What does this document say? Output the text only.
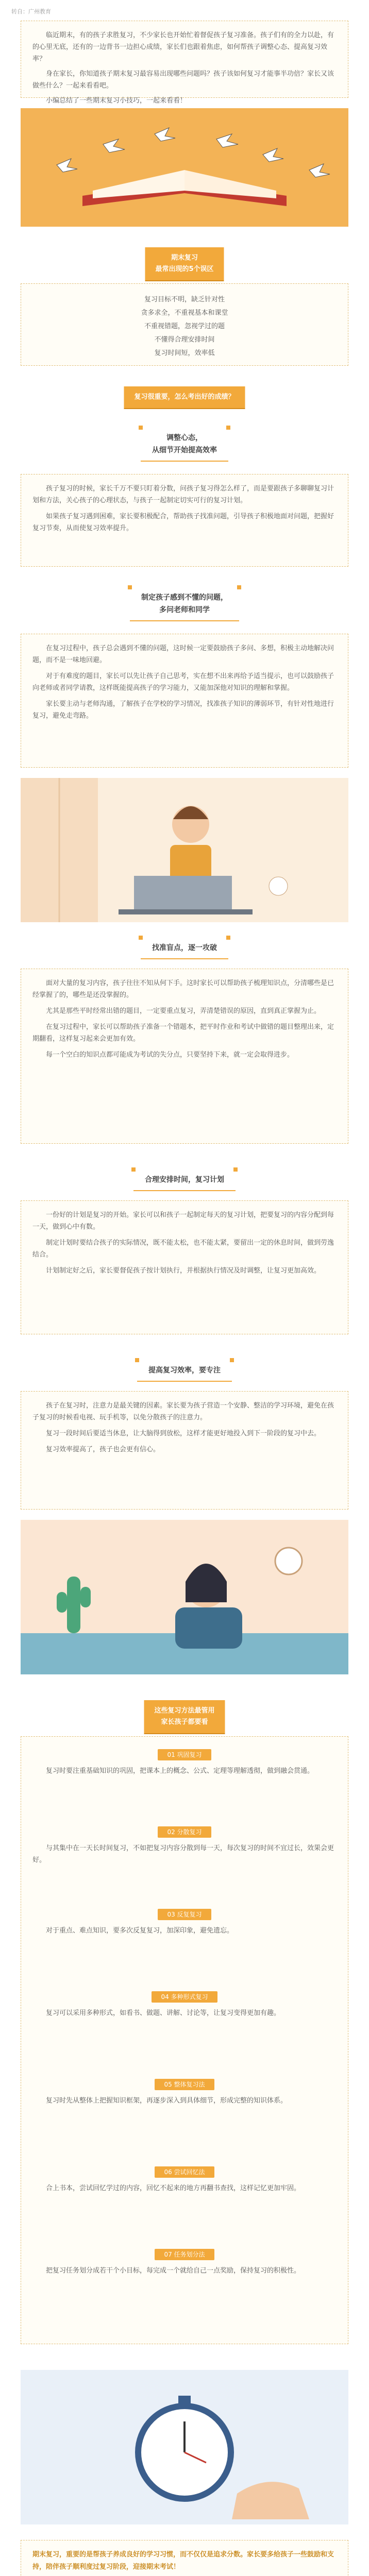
转自：广州教育

临近期末，有的孩子求胜复习，不少家长也开始忙着督促孩子复习准备。孩子们有的全力以赴，有的心里无底，还有的一边背书一边担心成绩，家长们也跟着焦虑，如何帮孩子调整心态、提高复习效率？

身在家长，你知道孩子期末复习最容易出现哪些问题吗？孩子该如何复习才能事半功倍？家长又该做些什么？一起来看看吧。

小编总结了一些期末复习小技巧，一起来看看！

期末复习
最常出现的5个误区
复习目标不明，缺乏针对性
贪多求全，不重视基本和课堂
不重视错题，忽视学过的题
不懂得合理安排时间
复习时间短，效率低
复习很重要，怎么考出好的成绩？
调整心态，
从细节开始提高效率

孩子复习的时候，家长千万不要只盯着分数，问孩子复习得怎么样了，而是要跟孩子多聊聊复习计划和方法，关心孩子的心理状态，与孩子一起制定切实可行的复习计划。

如果孩子复习遇到困难，家长要积极配合，帮助孩子找准问题，引导孩子积极地面对问题，把握好复习节奏，从而使复习效率提升。

制定孩子感到不懂的问题，
多问老师和同学

在复习过程中，孩子总会遇到不懂的问题，这时候一定要鼓励孩子多问、多想，积极主动地解决问题，而不是一味地回避。

对于有难度的题目，家长可以先让孩子自己思考，实在想不出来再给予适当提示，也可以鼓励孩子向老师或者同学请教，这样既能提高孩子的学习能力，又能加深他对知识的理解和掌握。

家长要主动与老师沟通，了解孩子在学校的学习情况，找准孩子知识的薄弱环节，有针对性地进行复习，避免走弯路。

找准盲点，逐一攻破

面对大量的复习内容，孩子往往不知从何下手。这时家长可以帮助孩子梳理知识点，分清哪些是已经掌握了的，哪些是还没掌握的。

尤其是那些平时经常出错的题目，一定要重点复习，弄清楚错误的原因，直到真正掌握为止。

在复习过程中，家长可以帮助孩子准备一个错题本，把平时作业和考试中做错的题目整理出来，定期翻看，这样复习起来会更加有效。

每一个空白的知识点都可能成为考试的失分点，只要坚持下来，就一定会取得进步。

合理安排时间，复习计划

一份好的计划是复习的开始。家长可以和孩子一起制定每天的复习计划，把要复习的内容分配到每一天，做到心中有数。

制定计划时要结合孩子的实际情况，既不能太松，也不能太紧，要留出一定的休息时间，做到劳逸结合。

计划制定好之后，家长要督促孩子按计划执行，并根据执行情况及时调整，让复习更加高效。

提高复习效率，要专注

孩子在复习时，注意力是最关键的因素。家长要为孩子营造一个安静、整洁的学习环境，避免在孩子复习的时候看电视、玩手机等，以免分散孩子的注意力。

复习一段时间后要适当休息，让大脑得到放松，这样才能更好地投入到下一阶段的复习中去。

复习效率提高了，孩子也会更有信心。

这些复习方法最管用
家长孩子都要看
01 巩固复习

复习时要注重基础知识的巩固，把课本上的概念、公式、定理等理解透彻，做到融会贯通。

02 分散复习

与其集中在一天长时间复习，不如把复习内容分散到每一天，每次复习的时间不宜过长，效果会更好。

03 反复复习

对于重点、难点知识，要多次反复复习，加深印象，避免遗忘。

04 多种形式复习

复习可以采用多种形式，如看书、做题、讲解、讨论等，让复习变得更加有趣。

05 整体复习法

复习时先从整体上把握知识框架，再逐步深入到具体细节，形成完整的知识体系。

06 尝试回忆法

合上书本，尝试回忆学过的内容，回忆不起来的地方再翻书查找，这样记忆更加牢固。

07 任务划分法

把复习任务划分成若干个小目标，每完成一个就给自己一点奖励，保持复习的积极性。

期末复习，重要的是帮孩子养成良好的学习习惯，而不仅仅是追求分数。家长要多给孩子一些鼓励和支持，陪伴孩子顺利度过复习阶段，迎接期末考试！
